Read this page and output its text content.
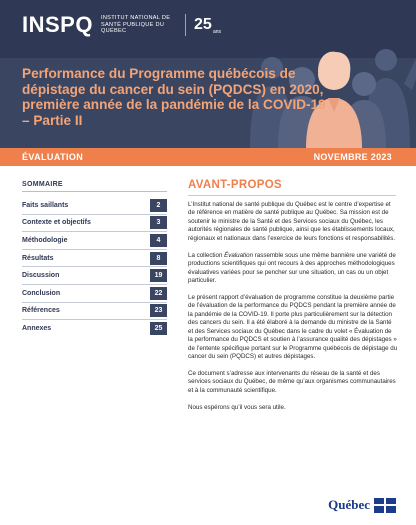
INSPQ INSTITUT NATIONAL DE SANTÉ PUBLIQUE DU QUÉBEC	25 ans
Performance du Programme québécois de dépistage du cancer du sein (PQDCS) en 2020, première année de la pandémie de la COVID-19 – Partie II
ÉVALUATION	NOVEMBRE 2023
SOMMAIRE
Faits saillants	2
Contexte et objectifs	3
Méthodologie	4
Résultats	8
Discussion	19
Conclusion	22
Références	23
Annexes	25
AVANT-PROPOS

L’Institut national de santé publique du Québec est le centre d’expertise et de référence en matière de santé publique au Québec. Sa mission est de soutenir le ministre de la Santé et des Services sociaux du Québec, les autorités régionales de santé publique, ainsi que les établissements locaux, régionaux et nationaux dans l’exercice de leurs fonctions et responsabilités.

La collection Évaluation rassemble sous une même bannière une variété de productions scientifiques qui ont recours à des approches méthodologiques évaluatives variées pour se pencher sur une situation, un cas ou un objet particulier.

Le présent rapport d’évaluation de programme constitue la deuxième partie de l’évaluation de la performance du PQDCS pendant la première année de la pandémie de la COVID-19. Il porte plus particulièrement sur la détection des cancers du sein. Il a été élaboré à la demande du ministre de la Santé et des Services sociaux du Québec dans le cadre du volet « Évaluation de la performance du PQDCS et soutien à l’assurance qualité des dépistages » de l’entente spécifique portant sur le Programme québécois de dépistage du cancer du sein (PQDCS) et autres dépistages.

Ce document s’adresse aux intervenants du réseau de la santé et des services sociaux du Québec, de même qu’aux organismes communautaires et à la communauté scientifique.

Nous espérons qu’il vous sera utile.

Québec
